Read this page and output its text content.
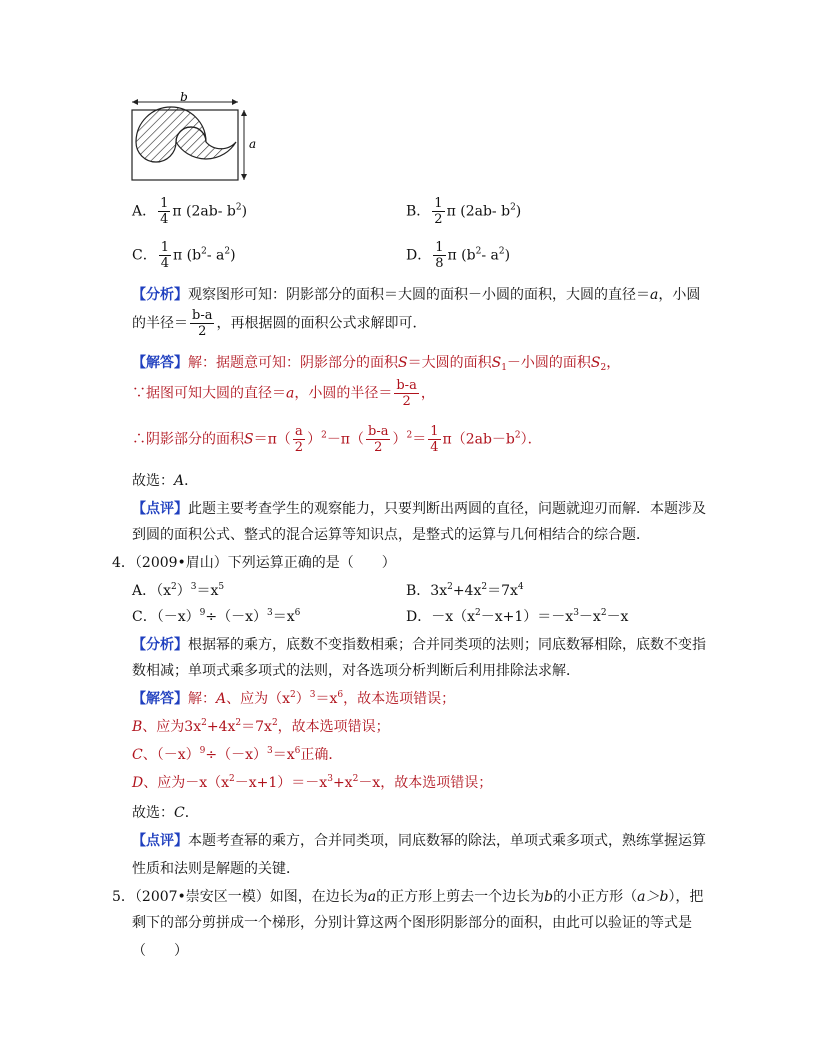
b
a
A． $\frac{1}{4}$ π (2ab- $b^2$)	B． $\frac{1}{2}$ π (2ab- $b^2$)
C． $\frac{1}{4}$ π ($b^2-$ $a^2$)	D． $\frac{1}{8}$ π ($b^2-$ $a^2$)
【分析】观察图形可知：阴影部分的面积＝大圆的面积－小圆的面积，大圆的直径＝a，小圆
的半径＝ $\frac{b-a}{2}$ ，再根据圆的面积公式求解即可．
【解答】解：据题意可知：阴影部分的面积S＝大圆的面积$S_1-$小圆的面积$S_2$，
∵据图可知大圆的直径＝a，小圆的半径＝ $\frac{b-a}{2}$ ，
∴阴影部分的面积$S=\pi( \frac{a}{2} )^2-\pi( \frac{b-a}{2} )^2= \frac{1}{4} \pi(2ab-b^2)$．
故选：A．
【点评】此题主要考查学生的观察能力，只要判断出两圆的直径，问题就迎刃而解．本题涉及
到圆的面积公式、整式的混合运算等知识点，是整式的运算与几何相结合的综合题．
4．（2009•眉山）下列运算正确的是（　　）
A．$(x^2)^3=x^5$	B．$3x^2+4x^2=7x^4$
C．$(-x)^9\div(-x)^3=x^6$	D．$-x(x^2-x+1)=-x^3-x^2-x$
【分析】根据幂的乘方，底数不变指数相乘；合并同类项的法则；同底数幂相除，底数不变指
数相减；单项式乘多项式的法则，对各选项分析判断后利用排除法求解．
【解答】解：A、应为$(x^2)^3=x^6$，故本选项错误；
B、应为$3x^2+4x^2=7x^2$，故本选项错误；
C、$(-x)^9\div(-x)^3=x^6$正确．
D、应为$-x(x^2-x+1)=-x^3+x^2-x$，故本选项错误；
故选：C．
【点评】本题考查幂的乘方，合并同类项，同底数幂的除法，单项式乘多项式，熟练掌握运算
性质和法则是解题的关键．
5．（2007•崇安区一模）如图，在边长为a的正方形上剪去一个边长为b的小正方形（a＞b），把
剩下的部分剪拼成一个梯形，分别计算这两个图形阴影部分的面积，由此可以验证的等式是
（　　）
